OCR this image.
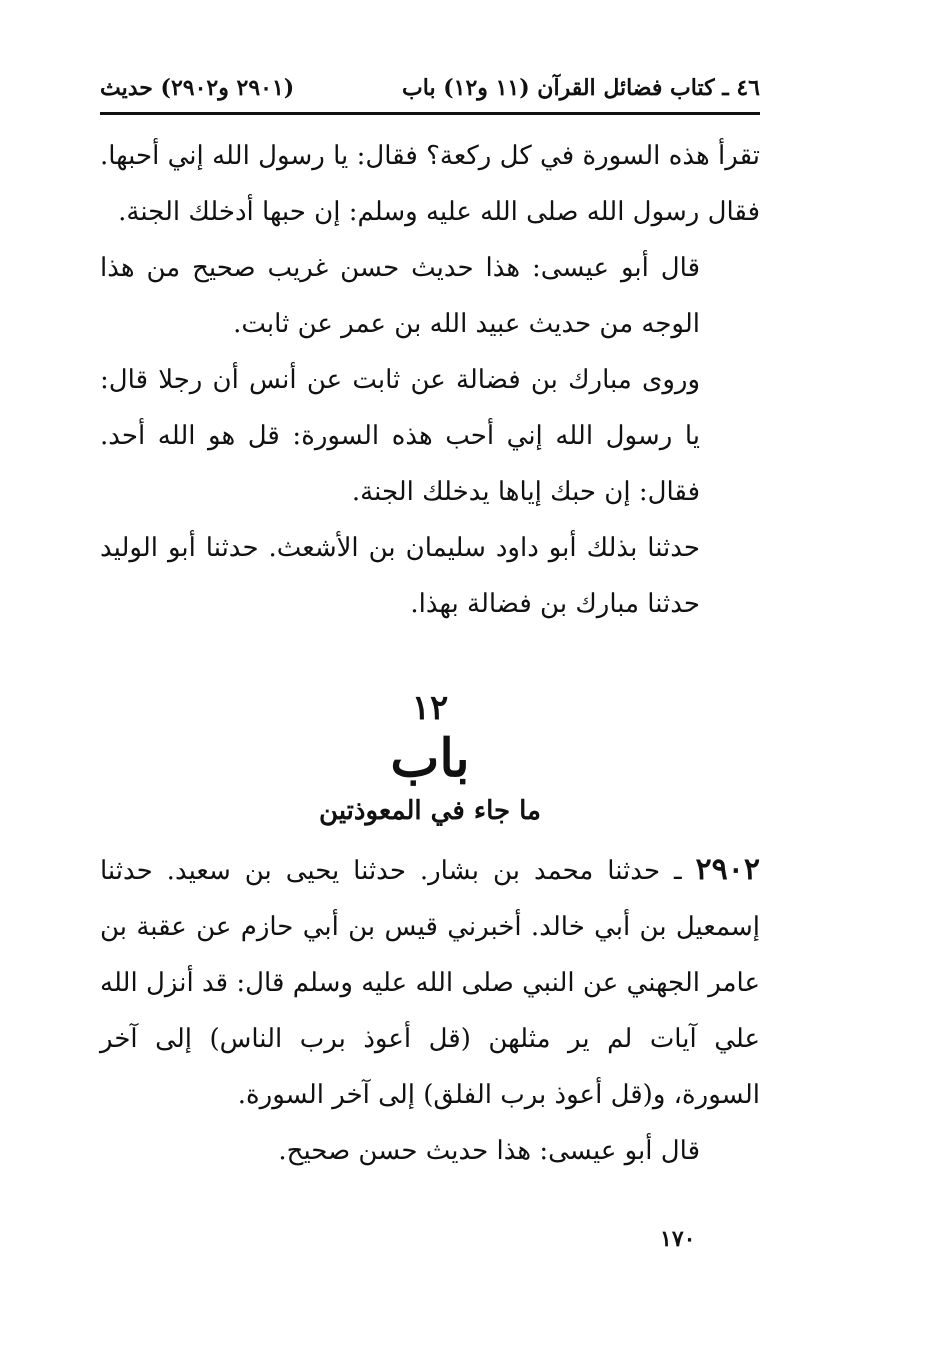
٤٦ ـ كتاب فضائل القرآن (١١ و١٢) باب
(٢٩٠١ و٢٩٠٢) حديث

تقرأ هذه السورة في كل ركعة؟ فقال: يا رسول الله إني أحبها. فقال رسول الله صلى الله عليه وسلم: إن حبها أدخلك الجنة.

قال أبو عيسى: هذا حديث حسن غريب صحيح من هذا الوجه من حديث عبيد الله بن عمر عن ثابت.

وروى مبارك بن فضالة عن ثابت عن أنس أن رجلا قال: يا رسول الله إني أحب هذه السورة: قل هو الله أحد. فقال: إن حبك إياها يدخلك الجنة.

حدثنا بذلك أبو داود سليمان بن الأشعث. حدثنا أبو الوليد حدثنا مبارك بن فضالة بهذا.

١٢
باب
ما جاء في المعوذتين

٢٩٠٢ ـ حدثنا محمد بن بشار. حدثنا يحيى بن سعيد. حدثنا إسمعيل بن أبي خالد. أخبرني قيس بن أبي حازم عن عقبة بن عامر الجهني عن النبي صلى الله عليه وسلم قال: قد أنزل الله علي آيات لم ير مثلهن (قل أعوذ برب الناس) إلى آخر السورة، و(قل أعوذ برب الفلق) إلى آخر السورة.

قال أبو عيسى: هذا حديث حسن صحيح.

١٧٠
